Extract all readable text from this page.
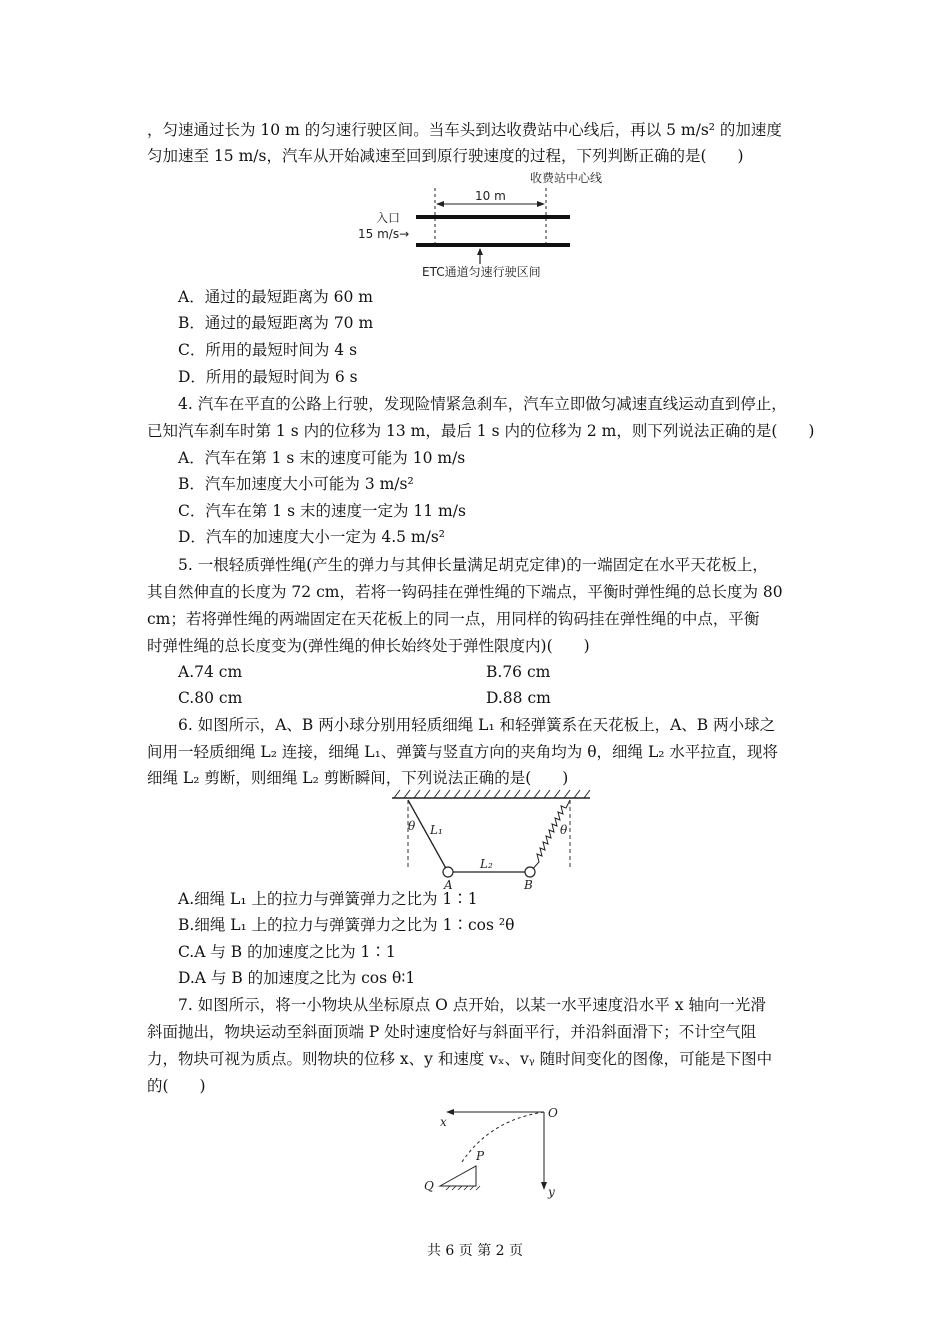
，匀速通过长为 10 m 的匀速行驶区间。当车头到达收费站中心线后，再以 5 m/s² 的加速度
匀加速至 15 m/s，汽车从开始减速至回到原行驶速度的过程，下列判断正确的是(　　)
收费站中心线
10 m
入口
15 m/s→
ETC通道匀速行驶区间
A．通过的最短距离为 60 m
B．通过的最短距离为 70 m
C．所用的最短时间为 4 s
D．所用的最短时间为 6 s
4. 汽车在平直的公路上行驶，发现险情紧急刹车，汽车立即做匀减速直线运动直到停止，
已知汽车刹车时第 1 s 内的位移为 13 m，最后 1 s 内的位移为 2 m，则下列说法正确的是(　　)
A．汽车在第 1 s 末的速度可能为 10 m/s
B．汽车加速度大小可能为 3 m/s²
C．汽车在第 1 s 末的速度一定为 11 m/s
D．汽车的加速度大小一定为 4.5 m/s²
5. 一根轻质弹性绳(产生的弹力与其伸长量满足胡克定律)的一端固定在水平天花板上，
其自然伸直的长度为 72 cm，若将一钩码挂在弹性绳的下端点，平衡时弹性绳的总长度为 80
cm；若将弹性绳的两端固定在天花板上的同一点，用同样的钩码挂在弹性绳的中点，平衡
时弹性绳的总长度变为(弹性绳的伸长始终处于弹性限度内)(　　)
A.74 cm	B.76 cm
C.80 cm	D.88 cm
6. 如图所示，A、B 两小球分别用轻质细绳 L₁ 和轻弹簧系在天花板上，A、B 两小球之
间用一轻质细绳 L₂ 连接，细绳 L₁、弹簧与竖直方向的夹角均为 θ，细绳 L₂ 水平拉直，现将
细绳 L₂ 剪断，则细绳 L₂ 剪断瞬间，下列说法正确的是(　　)
θ	θ
L₁
L₂
A	B
A.细绳 L₁ 上的拉力与弹簧弹力之比为 1∶1
B.细绳 L₁ 上的拉力与弹簧弹力之比为 1∶cos ²θ
C.A 与 B 的加速度之比为 1∶1
D.A 与 B 的加速度之比为 cos θ∶1
7. 如图所示，将一小物块从坐标原点 O 点开始，以某一水平速度沿水平 x 轴向一光滑
斜面抛出，物块运动至斜面顶端 P 处时速度恰好与斜面平行，并沿斜面滑下；不计空气阻
力，物块可视为质点。则物块的位移 x、y 和速度 vₓ、vᵧ 随时间变化的图像，可能是下图中
的(　　)
x
O
P
Q	y
共 6 页 第 2 页
